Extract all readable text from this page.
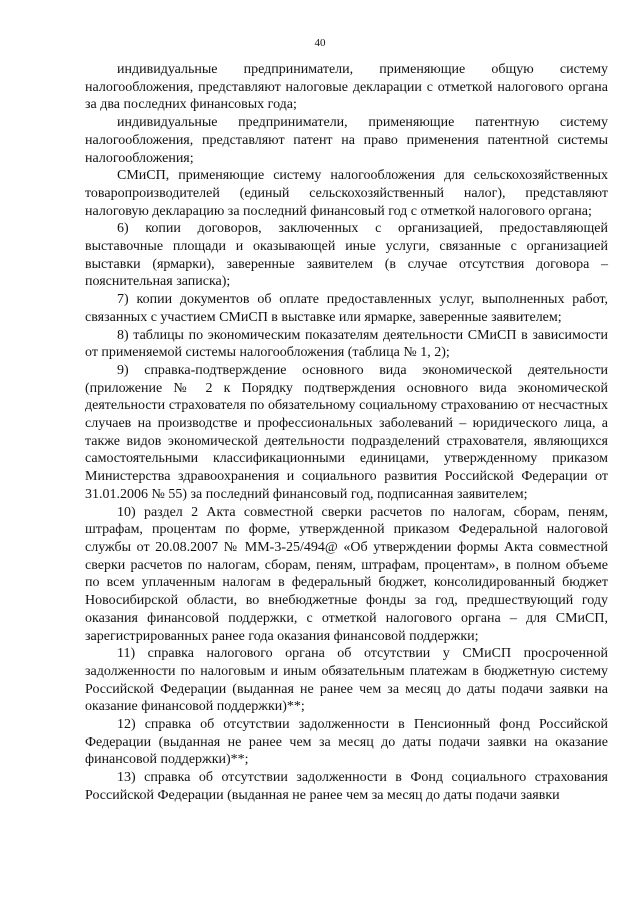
40

индивидуальные предприниматели, применяющие общую систему налогообложения, представляют налоговые декларации с отметкой налогового органа за два последних финансовых года;

индивидуальные предприниматели, применяющие патентную систему налогообложения, представляют патент на право применения патентной системы налогообложения;

СМиСП, применяющие систему налогообложения для сельскохозяйственных товаропроизводителей (единый сельскохозяйственный налог), представляют налоговую декларацию за последний финансовый год с отметкой налогового органа;

6) копии договоров, заключенных с организацией, предоставляющей выставочные площади и оказывающей иные услуги, связанные с организацией выставки (ярмарки), заверенные заявителем (в случае отсутствия договора – пояснительная записка);

7) копии документов об оплате предоставленных услуг, выполненных работ, связанных с участием СМиСП в выставке или ярмарке, заверенные заявителем;

8) таблицы по экономическим показателям деятельности СМиСП в зависимости от применяемой системы налогообложения (таблица № 1, 2);

9) справка-подтверждение основного вида экономической деятельности (приложение № 2 к Порядку подтверждения основного вида экономической деятельности страхователя по обязательному социальному страхованию от несчастных случаев на производстве и профессиональных заболеваний – юридического лица, а также видов экономической деятельности подразделений страхователя, являющихся самостоятельными классификационными единицами, утвержденному приказом Министерства здравоохранения и социального развития Российской Федерации от 31.01.2006 № 55) за последний финансовый год, подписанная заявителем;

10) раздел 2 Акта совместной сверки расчетов по налогам, сборам, пеням, штрафам, процентам по форме, утвержденной приказом Федеральной налоговой службы от 20.08.2007 № ММ-3-25/494@ «Об утверждении формы Акта совместной сверки расчетов по налогам, сборам, пеням, штрафам, процентам», в полном объеме по всем уплаченным налогам в федеральный бюджет, консолидированный бюджет Новосибирской области, во внебюджетные фонды за год, предшествующий году оказания финансовой поддержки, с отметкой налогового органа – для СМиСП, зарегистрированных ранее года оказания финансовой поддержки;

11) справка налогового органа об отсутствии у СМиСП просроченной задолженности по налоговым и иным обязательным платежам в бюджетную систему Российской Федерации (выданная не ранее чем за месяц до даты подачи заявки на оказание финансовой поддержки)**;

12) справка об отсутствии задолженности в Пенсионный фонд Российской Федерации (выданная не ранее чем за месяц до даты подачи заявки на оказание финансовой поддержки)**;

13) справка об отсутствии задолженности в Фонд социального страхования Российской Федерации (выданная не ранее чем за месяц до даты подачи заявки
